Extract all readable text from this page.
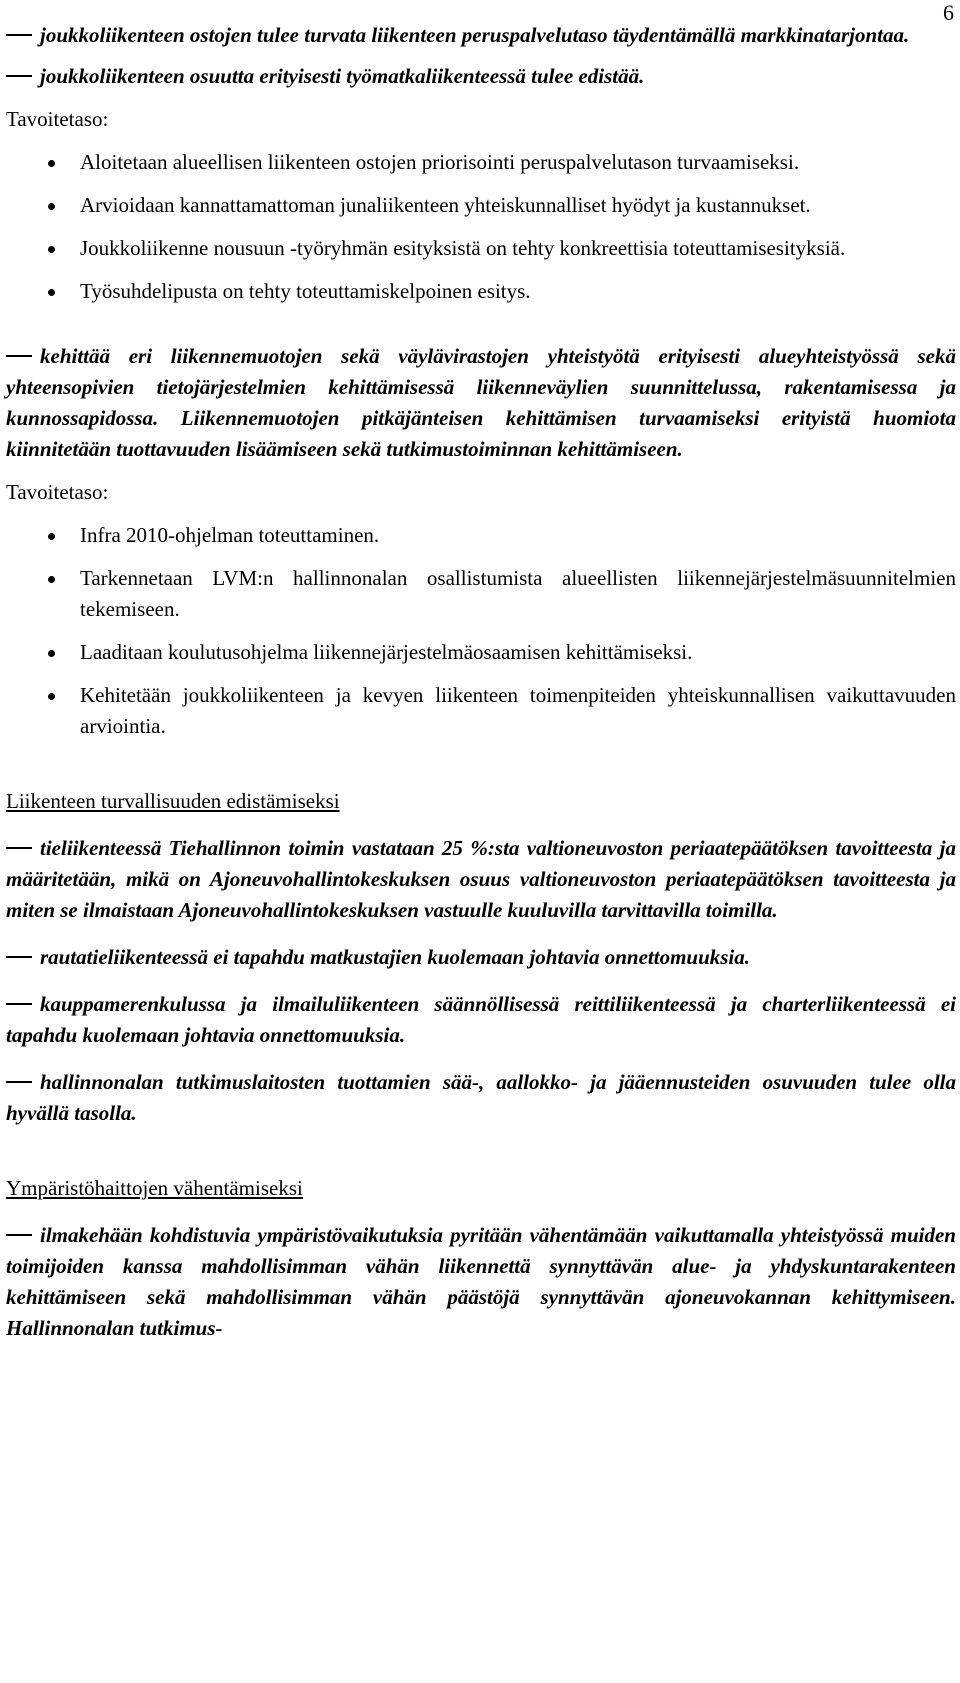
6

joukkoliikenteen ostojen tulee turvata liikenteen peruspalvelutaso täydentämällä markkinatarjontaa.

joukkoliikenteen osuutta erityisesti työmatkaliikenteessä tulee edistää.

Tavoitetaso:

Aloitetaan alueellisen liikenteen ostojen priorisointi peruspalvelutason turvaamiseksi.
Arvioidaan kannattamattoman junaliikenteen yhteiskunnalliset hyödyt ja kustannukset.
Joukkoliikenne nousuun -työryhmän esityksistä on tehty konkreettisia toteuttamisesityksiä.
Työsuhdelipusta on tehty toteuttamiskelpoinen esitys.

kehittää eri liikennemuotojen sekä väylävirastojen yhteistyötä erityisesti alueyhteistyössä sekä yhteensopivien tietojärjestelmien kehittämisessä liikenneväylien suunnittelussa, rakentamisessa ja kunnossapidossa. Liikennemuotojen pitkäjänteisen kehittämisen turvaamiseksi erityistä huomiota kiinnitetään tuottavuuden lisäämiseen sekä tutkimustoiminnan kehittämiseen.

Tavoitetaso:

Infra 2010-ohjelman toteuttaminen.
Tarkennetaan LVM:n hallinnonalan osallistumista alueellisten liikennejärjestelmäsuunnitelmien tekemiseen.
Laaditaan koulutusohjelma liikennejärjestelmäosaamisen kehittämiseksi.
Kehitetään joukkoliikenteen ja kevyen liikenteen toimenpiteiden yhteiskunnallisen vaikuttavuuden arviointia.

Liikenteen turvallisuuden edistämiseksi

tieliikenteessä Tiehallinnon toimin vastataan 25 %:sta valtioneuvoston periaatepäätöksen tavoitteesta ja määritetään, mikä on Ajoneuvohallintokeskuksen osuus valtioneuvoston periaatepäätöksen tavoitteesta ja miten se ilmaistaan Ajoneuvohallintokeskuksen vastuulle kuuluvilla tarvittavilla toimilla.

rautatieliikenteessä ei tapahdu matkustajien kuolemaan johtavia onnettomuuksia.

kauppamerenkulussa ja ilmailuliikenteen säännöllisessä reittiliikenteessä ja charterliikenteessä ei tapahdu kuolemaan johtavia onnettomuuksia.

hallinnonalan tutkimuslaitosten tuottamien sää-, aallokko- ja jääennusteiden osuvuuden tulee olla hyvällä tasolla.

Ympäristöhaittojen vähentämiseksi

ilmakehään kohdistuvia ympäristövaikutuksia pyritään vähentämään vaikuttamalla yhteistyössä muiden toimijoiden kanssa mahdollisimman vähän liikennettä synnyttävän alue- ja yhdyskuntarakenteen kehittämiseen sekä mahdollisimman vähän päästöjä synnyttävän ajoneuvokannan kehittymiseen. Hallinnonalan tutkimus-
